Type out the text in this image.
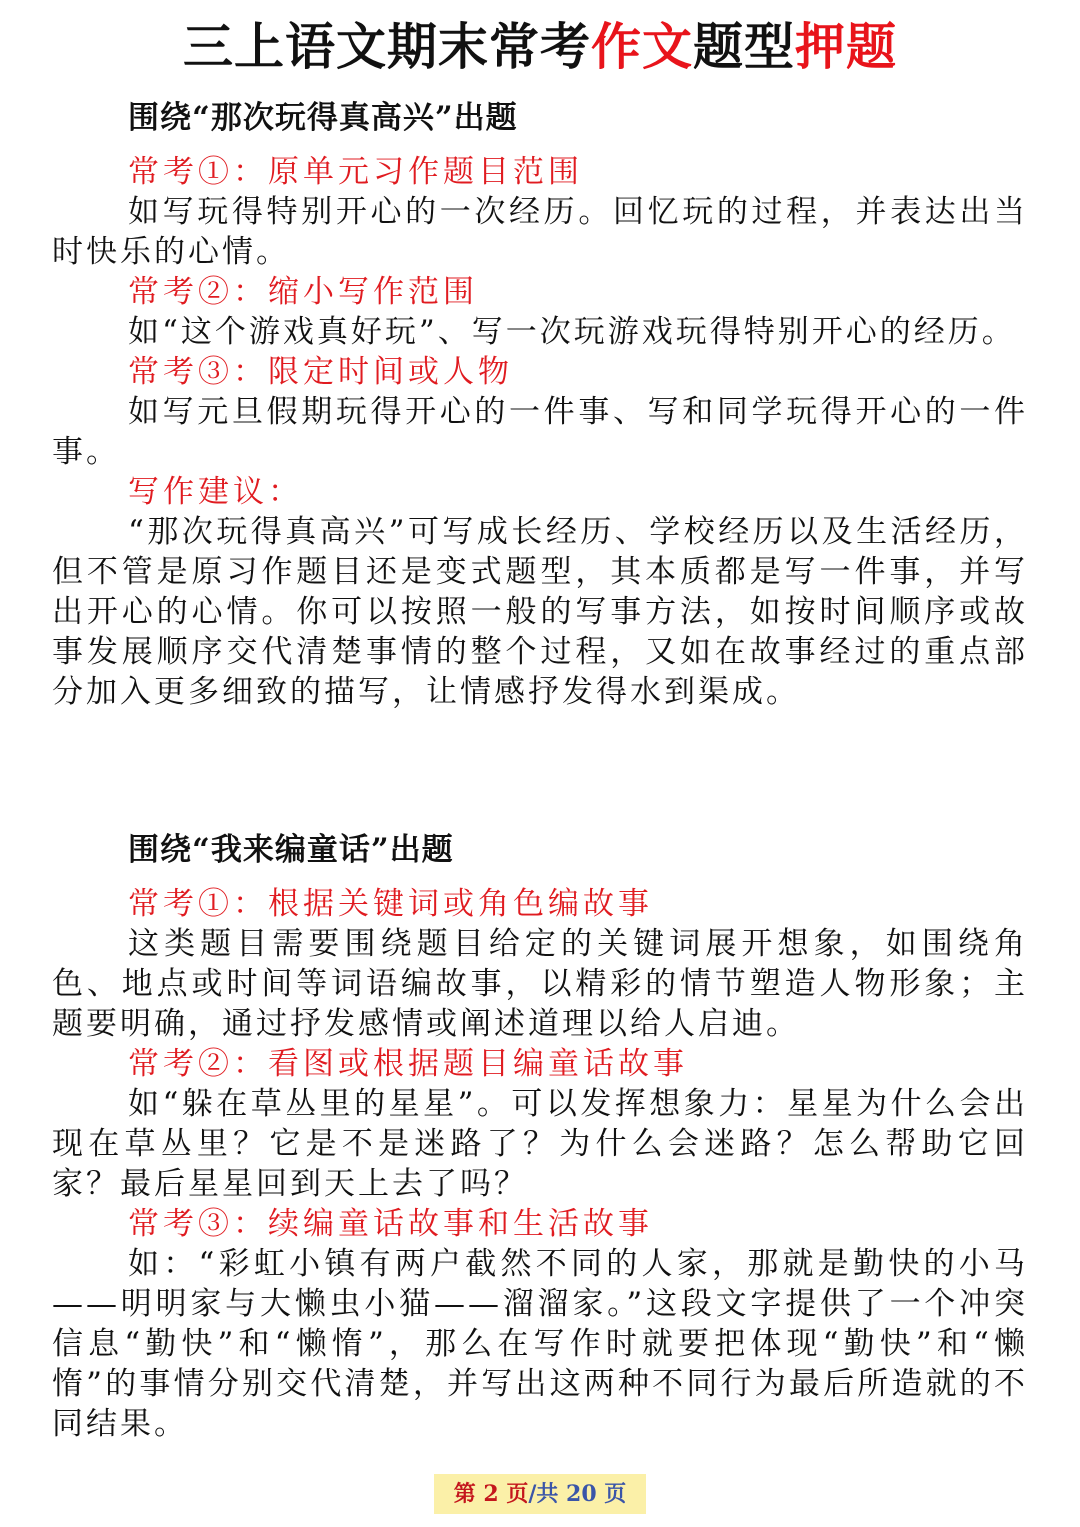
三上语文期末常考作文题型押题
围绕“那次玩得真高兴”出题
常考①：原单元习作题目范围

如写玩得特别开心的一次经历。回忆玩的过程，并表达出当时快乐的心情。

常考②：缩小写作范围

如“这个游戏真好玩”、写一次玩游戏玩得特别开心的经历。

常考③：限定时间或人物

如写元旦假期玩得开心的一件事、写和同学玩得开心的一件事。

写作建议：

“那次玩得真高兴”可写成长经历、学校经历以及生活经历，但不管是原习作题目还是变式题型，其本质都是写一件事，并写出开心的心情。你可以按照一般的写事方法，如按时间顺序或故事发展顺序交代清楚事情的整个过程，又如在故事经过的重点部分加入更多细致的描写，让情感抒发得水到渠成。

围绕“我来编童话”出题
常考①：根据关键词或角色编故事

这类题目需要围绕题目给定的关键词展开想象，如围绕角色、地点或时间等词语编故事，以精彩的情节塑造人物形象；主题要明确，通过抒发感情或阐述道理以给人启迪。

常考②：看图或根据题目编童话故事

如“躲在草丛里的星星”。可以发挥想象力：星星为什么会出现在草丛里？它是不是迷路了？为什么会迷路？怎么帮助它回家？最后星星回到天上去了吗？

常考③：续编童话故事和生活故事

如：“彩虹小镇有两户截然不同的人家，那就是勤快的小马——明明家与大懒虫小猫——溜溜家。”这段文字提供了一个冲突信息“勤快”和“懒惰”，那么在写作时就要把体现“勤快”和“懒惰”的事情分别交代清楚，并写出这两种不同行为最后所造就的不同结果。

第 2 页/共 20 页
